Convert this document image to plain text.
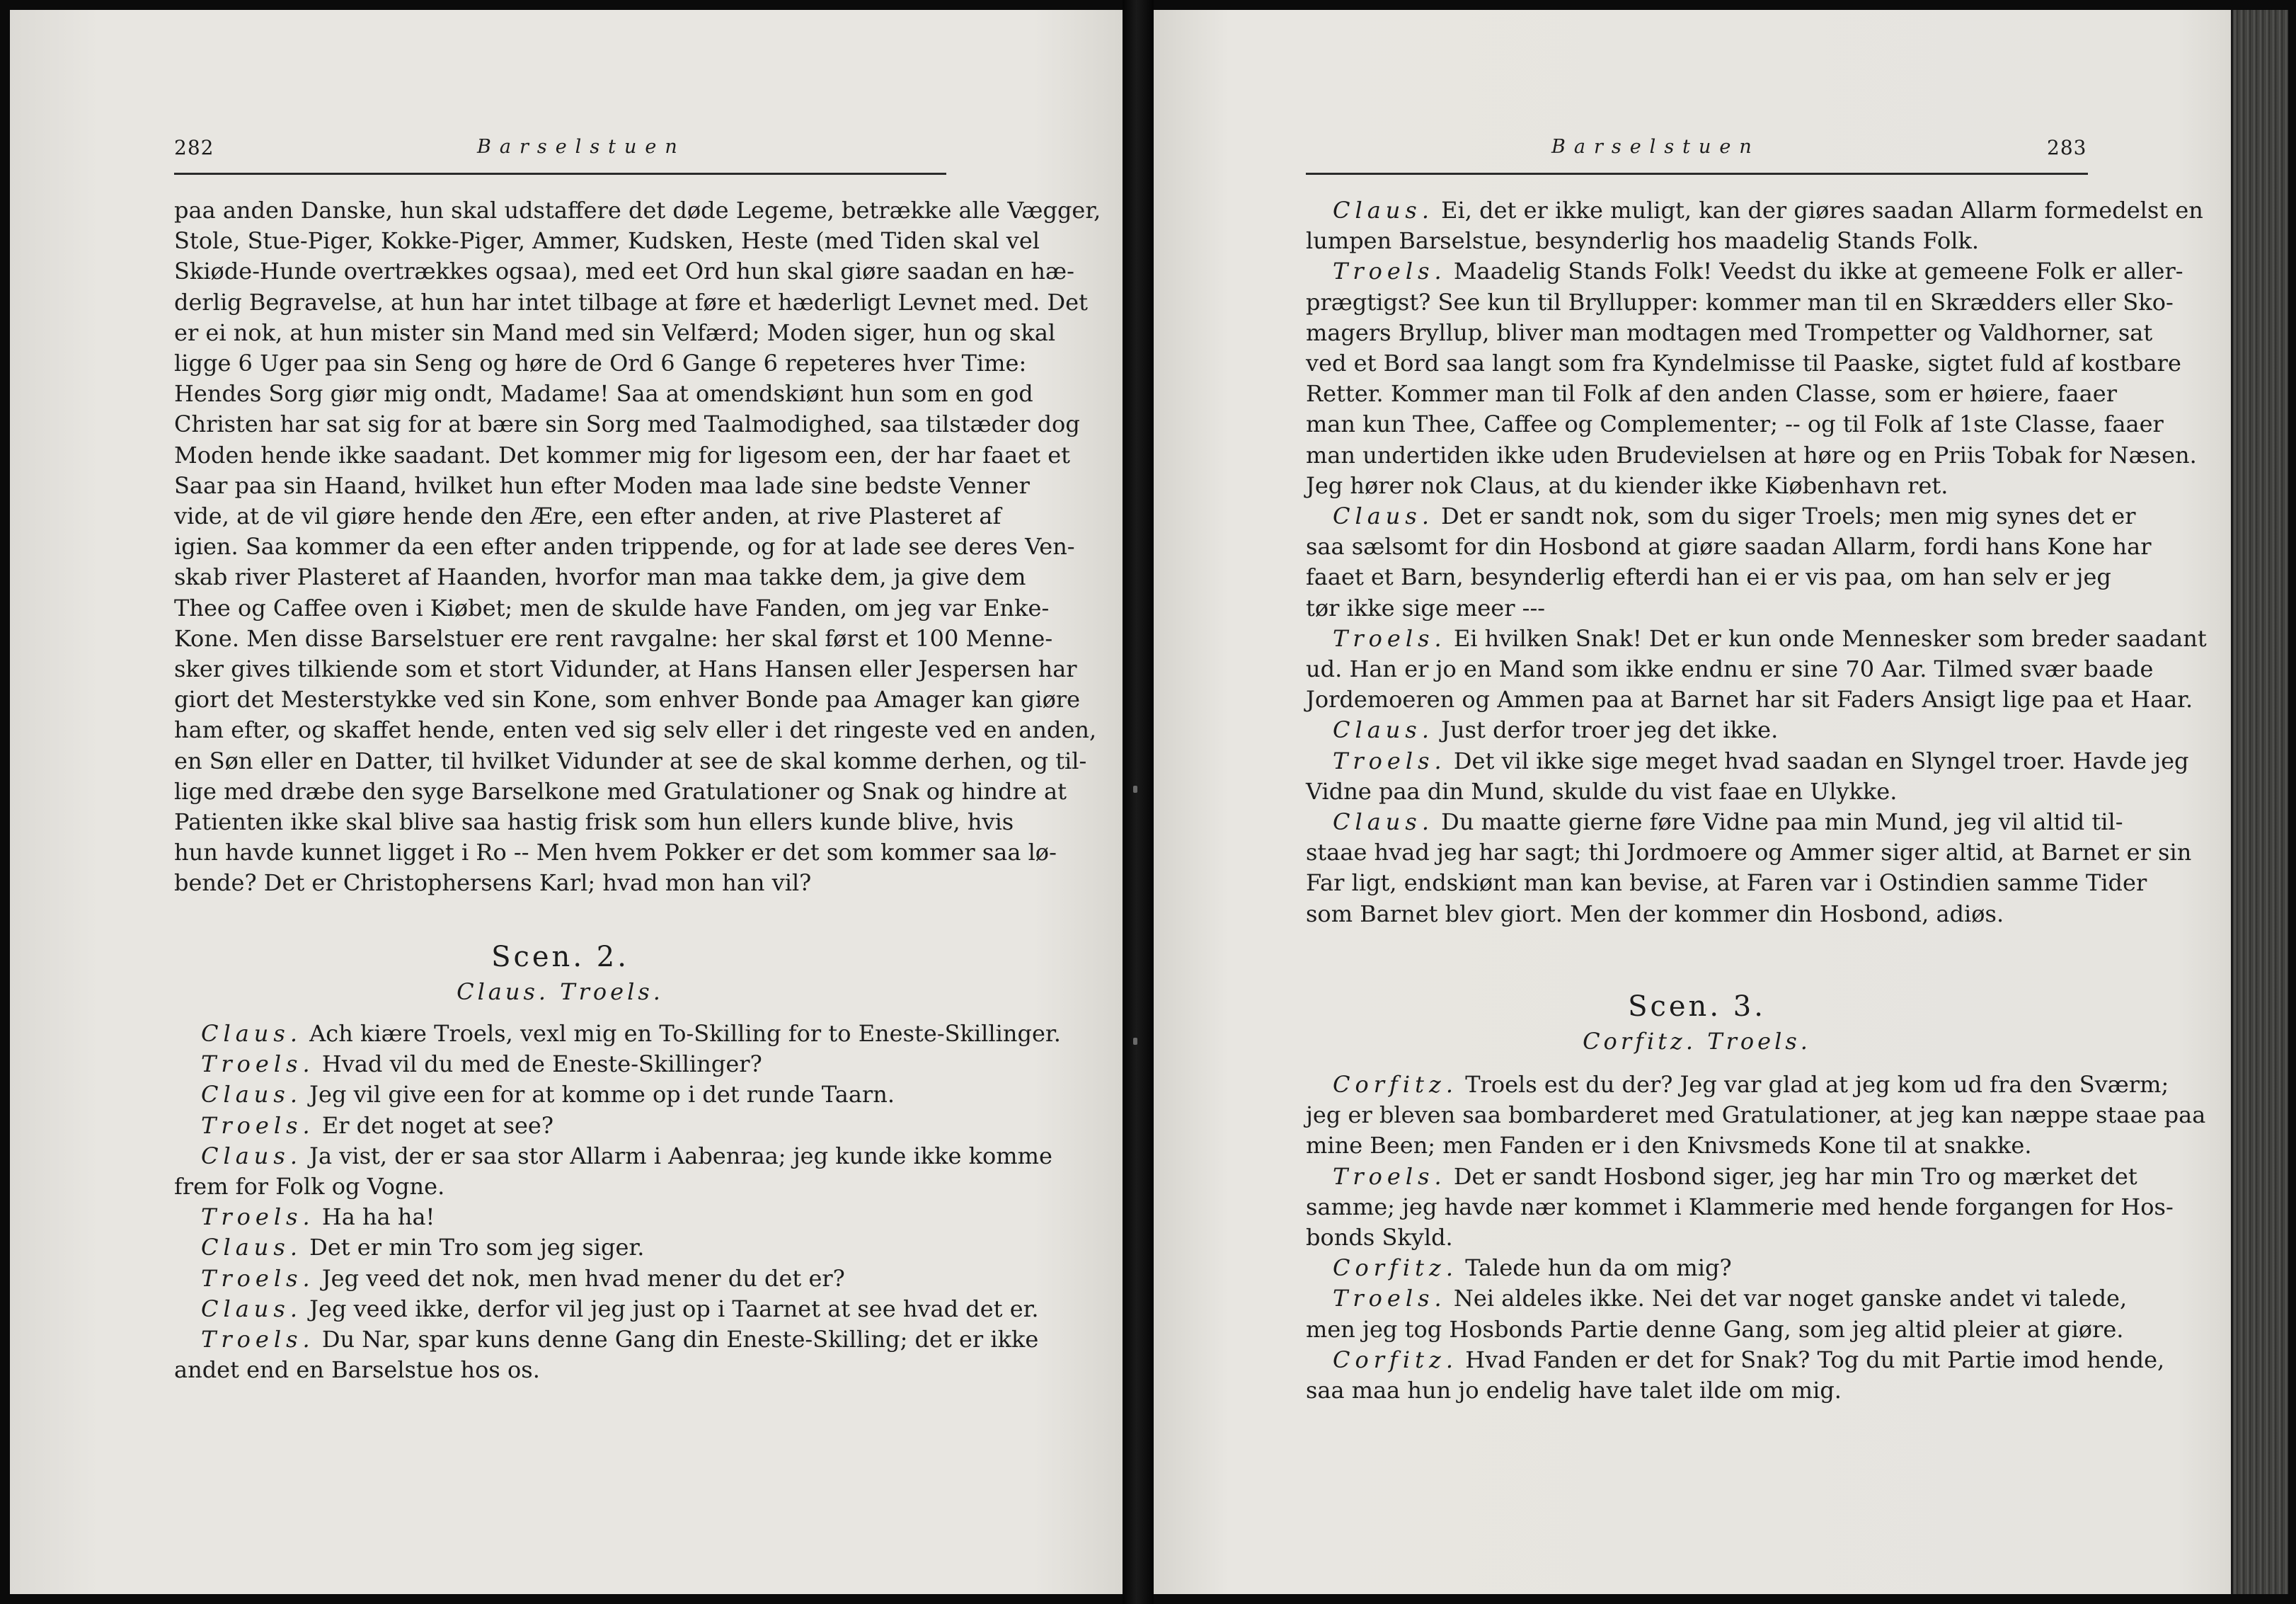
282	Barselstuen

paa anden Danske, hun skal udstaffere det døde Legeme, betrække alle Vægger,

Stole, Stue-Piger, Kokke-Piger, Ammer, Kudsken, Heste (med Tiden skal vel

Skiøde-Hunde overtrækkes ogsaa), med eet Ord hun skal giøre saadan en hæ-

derlig Begravelse, at hun har intet tilbage at føre et hæderligt Levnet med. Det

er ei nok, at hun mister sin Mand med sin Velfærd; Moden siger, hun og skal

ligge 6 Uger paa sin Seng og høre de Ord 6 Gange 6 repeteres hver Time:

Hendes Sorg giør mig ondt, Madame! Saa at omendskiønt hun som en god

Christen har sat sig for at bære sin Sorg med Taalmodighed, saa tilstæder dog

Moden hende ikke saadant. Det kommer mig for ligesom een, der har faaet et

Saar paa sin Haand, hvilket hun efter Moden maa lade sine bedste Venner

vide, at de vil giøre hende den Ære, een efter anden, at rive Plasteret af

igien. Saa kommer da een efter anden trippende, og for at lade see deres Ven-

skab river Plasteret af Haanden, hvorfor man maa takke dem, ja give dem

Thee og Caffee oven i Kiøbet; men de skulde have Fanden, om jeg var Enke-

Kone. Men disse Barselstuer ere rent ravgalne: her skal først et 100 Menne-

sker gives tilkiende som et stort Vidunder, at Hans Hansen eller Jespersen har

giort det Mesterstykke ved sin Kone, som enhver Bonde paa Amager kan giøre

ham efter, og skaffet hende, enten ved sig selv eller i det ringeste ved en anden,

en Søn eller en Datter, til hvilket Vidunder at see de skal komme derhen, og til-

lige med dræbe den syge Barselkone med Gratulationer og Snak og hindre at

Patienten ikke skal blive saa hastig frisk som hun ellers kunde blive, hvis

hun havde kunnet ligget i Ro -- Men hvem Pokker er det som kommer saa lø-

bende? Det er Christophersens Karl; hvad mon han vil?

Scen. 2.
Claus. Troels.

Claus. Ach kiære Troels, vexl mig en To-Skilling for to Eneste-Skillinger.

Troels. Hvad vil du med de Eneste-Skillinger?

Claus. Jeg vil give een for at komme op i det runde Taarn.

Troels. Er det noget at see?

Claus. Ja vist, der er saa stor Allarm i Aabenraa; jeg kunde ikke komme

frem for Folk og Vogne.

Troels. Ha ha ha!

Claus. Det er min Tro som jeg siger.

Troels. Jeg veed det nok, men hvad mener du det er?

Claus. Jeg veed ikke, derfor vil jeg just op i Taarnet at see hvad det er.

Troels. Du Nar, spar kuns denne Gang din Eneste-Skilling; det er ikke

andet end en Barselstue hos os.

Barselstuen	283

Claus. Ei, det er ikke muligt, kan der giøres saadan Allarm formedelst en

lumpen Barselstue, besynderlig hos maadelig Stands Folk.

Troels. Maadelig Stands Folk! Veedst du ikke at gemeene Folk er aller-

prægtigst? See kun til Bryllupper: kommer man til en Skrædders eller Sko-

magers Bryllup, bliver man modtagen med Trompetter og Valdhorner, sat

ved et Bord saa langt som fra Kyndelmisse til Paaske, sigtet fuld af kostbare

Retter. Kommer man til Folk af den anden Classe, som er høiere, faaer

man kun Thee, Caffee og Complementer; -- og til Folk af 1ste Classe, faaer

man undertiden ikke uden Brudevielsen at høre og en Priis Tobak for Næsen.

Jeg hører nok Claus, at du kiender ikke Kiøbenhavn ret.

Claus. Det er sandt nok, som du siger Troels; men mig synes det er

saa sælsomt for din Hosbond at giøre saadan Allarm, fordi hans Kone har

faaet et Barn, besynderlig efterdi han ei er vis paa, om han selv er jeg

tør ikke sige meer ---

Troels. Ei hvilken Snak! Det er kun onde Mennesker som breder saadant

ud. Han er jo en Mand som ikke endnu er sine 70 Aar. Tilmed svær baade

Jordemoeren og Ammen paa at Barnet har sit Faders Ansigt lige paa et Haar.

Claus. Just derfor troer jeg det ikke.

Troels. Det vil ikke sige meget hvad saadan en Slyngel troer. Havde jeg

Vidne paa din Mund, skulde du vist faae en Ulykke.

Claus. Du maatte gierne føre Vidne paa min Mund, jeg vil altid til-

staae hvad jeg har sagt; thi Jordmoere og Ammer siger altid, at Barnet er sin

Far ligt, endskiønt man kan bevise, at Faren var i Ostindien samme Tider

som Barnet blev giort. Men der kommer din Hosbond, adiøs.

Scen. 3.
Corfitz. Troels.

Corfitz. Troels est du der? Jeg var glad at jeg kom ud fra den Sværm;

jeg er bleven saa bombarderet med Gratulationer, at jeg kan næppe staae paa

mine Been; men Fanden er i den Knivsmeds Kone til at snakke.

Troels. Det er sandt Hosbond siger, jeg har min Tro og mærket det

samme; jeg havde nær kommet i Klammerie med hende forgangen for Hos-

bonds Skyld.

Corfitz. Talede hun da om mig?

Troels. Nei aldeles ikke. Nei det var noget ganske andet vi talede,

men jeg tog Hosbonds Partie denne Gang, som jeg altid pleier at giøre.

Corfitz. Hvad Fanden er det for Snak? Tog du mit Partie imod hende,

saa maa hun jo endelig have talet ilde om mig.
